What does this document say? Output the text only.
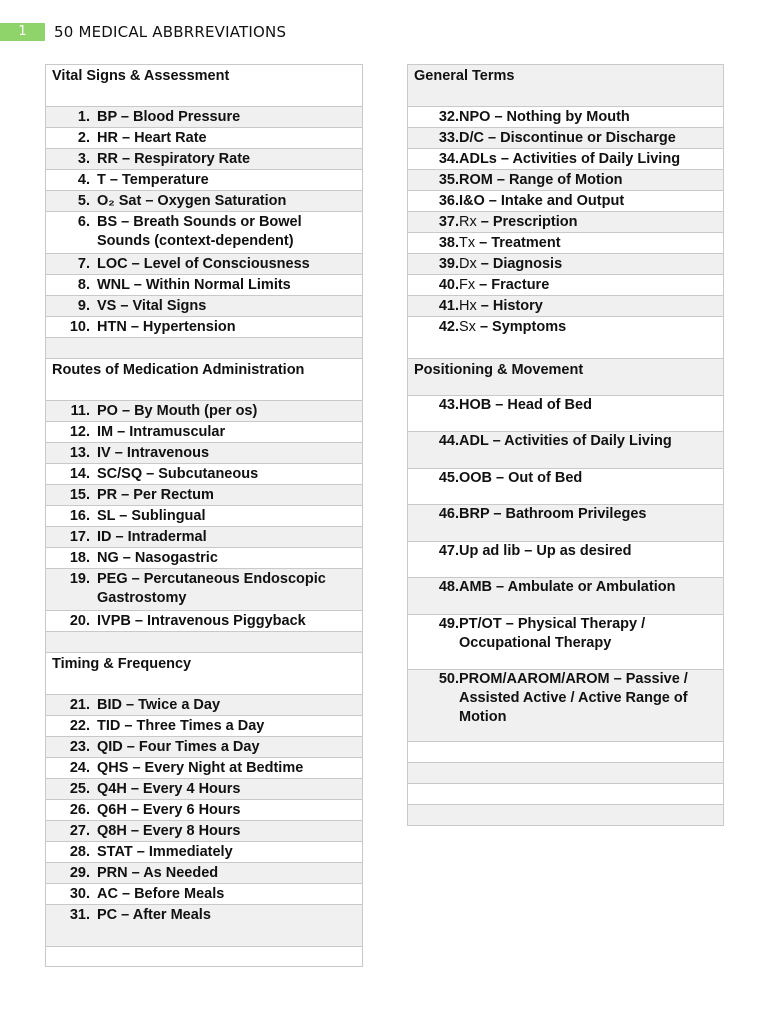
1	50 MEDICAL ABBRREVIATIONS
Vital Signs & Assessment
1. BP – Blood Pressure
2. HR – Heart Rate
3. RR – Respiratory Rate
4. T – Temperature
5. O₂ Sat – Oxygen Saturation
6. BS – Breath Sounds or Bowel Sounds (context-dependent)
7. LOC – Level of Consciousness
8. WNL – Within Normal Limits
9. VS – Vital Signs
10. HTN – Hypertension
Routes of Medication Administration
11. PO – By Mouth (per os)
12. IM – Intramuscular
13. IV – Intravenous
14. SC/SQ – Subcutaneous
15. PR – Per Rectum
16. SL – Sublingual
17. ID – Intradermal
18. NG – Nasogastric
19. PEG – Percutaneous Endoscopic Gastrostomy
20. IVPB – Intravenous Piggyback
Timing & Frequency
21. BID – Twice a Day
22. TID – Three Times a Day
23. QID – Four Times a Day
24. QHS – Every Night at Bedtime
25. Q4H – Every 4 Hours
26. Q6H – Every 6 Hours
27. Q8H – Every 8 Hours
28. STAT – Immediately
29. PRN – As Needed
30. AC – Before Meals
31. PC – After Meals
General Terms
32. NPO – Nothing by Mouth
33. D/C – Discontinue or Discharge
34. ADLs – Activities of Daily Living
35. ROM – Range of Motion
36. I&O – Intake and Output
37. Rx – Prescription
38. Tx – Treatment
39. Dx – Diagnosis
40. Fx – Fracture
41. Hx – History
42. Sx – Symptoms
Positioning & Movement
43. HOB – Head of Bed
44. ADL – Activities of Daily Living
45. OOB – Out of Bed
46. BRP – Bathroom Privileges
47. Up ad lib – Up as desired
48. AMB – Ambulate or Ambulation
49. PT/OT – Physical Therapy / Occupational Therapy
50. PROM/AAROM/AROM – Passive / Assisted Active / Active Range of Motion
